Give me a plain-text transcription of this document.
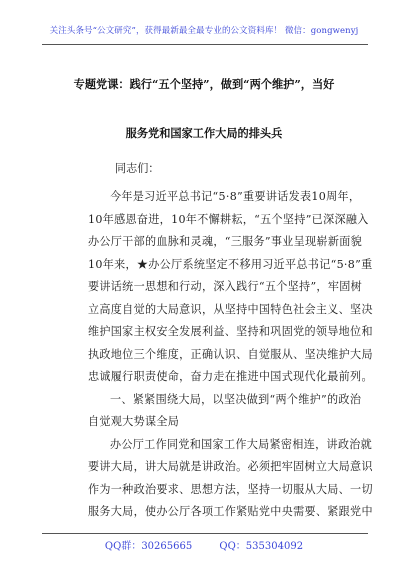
关注头条号“公文研究”，获得最新最全最专业的公文资料库！ 微信：gongwenyj
专题党课：践行“五个坚持”，做到“两个维护”，当好
服务党和国家工作大局的排头兵
同志们：
今年是习近平总书记“5·8”重要讲话发表10周年，
10年感恩奋进，10年不懈耕耘，“五个坚持”已深深融入
办公厅干部的血脉和灵魂，“三服务”事业呈现崭新面貌
10年来，★办公厅系统坚定不移用习近平总书记“5·8”重
要讲话统一思想和行动，深入践行“五个坚持”，牢固树
立高度自觉的大局意识，从坚持中国特色社会主义、坚决
维护国家主权安全发展利益、坚持和巩固党的领导地位和
执政地位三个维度，正确认识、自觉服从、坚决维护大局
忠诚履行职责使命，奋力走在推进中国式现代化最前列。
一、紧紧围绕大局，以坚决做到“两个维护”的政治
自觉观大势谋全局
办公厅工作同党和国家工作大局紧密相连，讲政治就
要讲大局，讲大局就是讲政治。必须把牢固树立大局意识
作为一种政治要求、思想方法，坚持一切服从大局、一切
服务大局，使办公厅各项工作紧贴党中央需要、紧跟党中
QQ群：30265665	QQ：535304092
